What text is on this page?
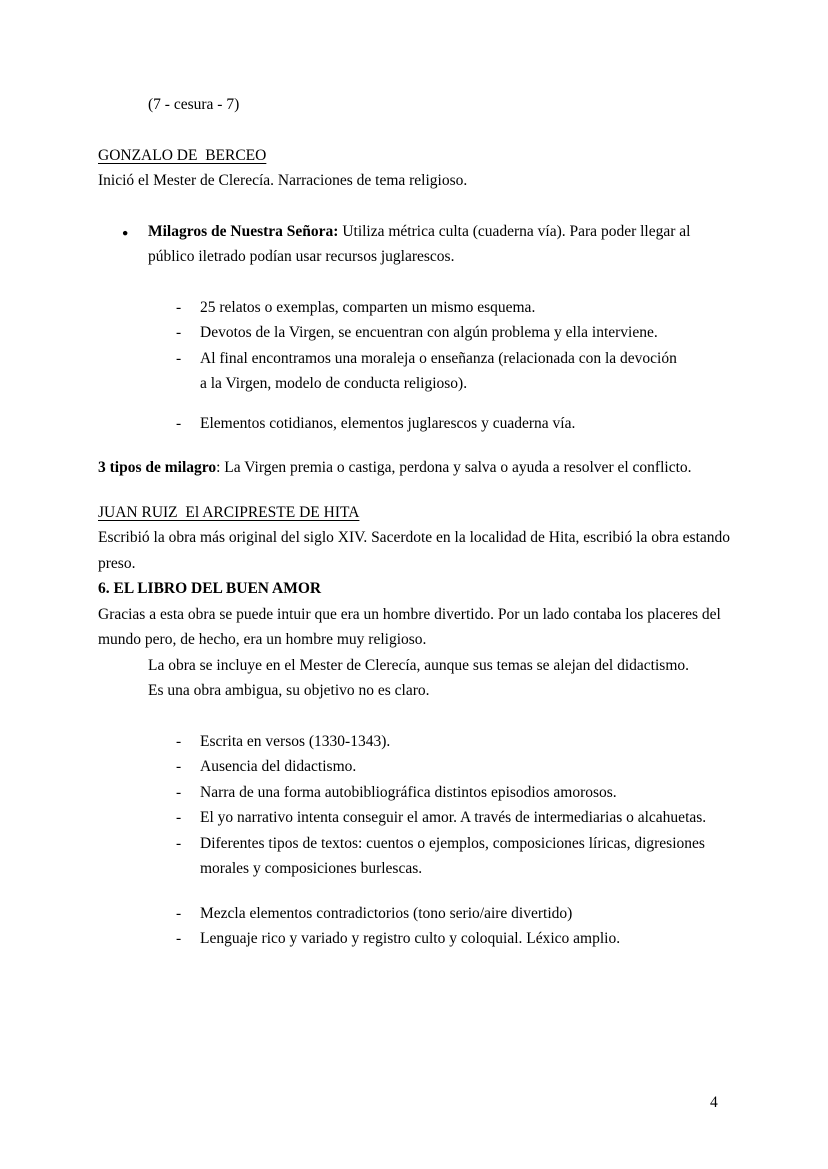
(7 - cesura - 7)

GONZALO DE  BERCEO

Inició el Mester de Clerecía. Narraciones de tema religioso.

●	Milagros de Nuestra Señora: Utiliza métrica culta (cuaderna vía). Para poder llegar al público iletrado podían usar recursos juglarescos.

-	25 relatos o exemplas, comparten un mismo esquema.

-	Devotos de la Virgen, se encuentran con algún problema y ella interviene.

-	Al final encontramos una moraleja o enseñanza (relacionada con la devoción a la Virgen, modelo de conducta religioso).

-	Elementos cotidianos, elementos juglarescos y cuaderna vía.

3 tipos de milagro: La Virgen premia o castiga, perdona y salva o ayuda a resolver el conflicto.

JUAN RUIZ  El ARCIPRESTE DE HITA

Escribió la obra más original del siglo XIV. Sacerdote en la localidad de Hita, escribió la obra estando preso.

6. EL LIBRO DEL BUEN AMOR

Gracias a esta obra se puede intuir que era un hombre divertido. Por un lado contaba los placeres del mundo pero, de hecho, era un hombre muy religioso.

La obra se incluye en el Mester de Clerecía, aunque sus temas se alejan del didactismo.

Es una obra ambigua, su objetivo no es claro.

-	Escrita en versos (1330-1343).

-	Ausencia del didactismo.

-	Narra de una forma autobibliográfica distintos episodios amorosos.

-	El yo narrativo intenta conseguir el amor. A través de intermediarias o alcahuetas.

-	Diferentes tipos de textos: cuentos o ejemplos, composiciones líricas, digresiones morales y composiciones burlescas.

-	Mezcla elementos contradictorios (tono serio/aire divertido)

-	Lenguaje rico y variado y registro culto y coloquial. Léxico amplio.

4
